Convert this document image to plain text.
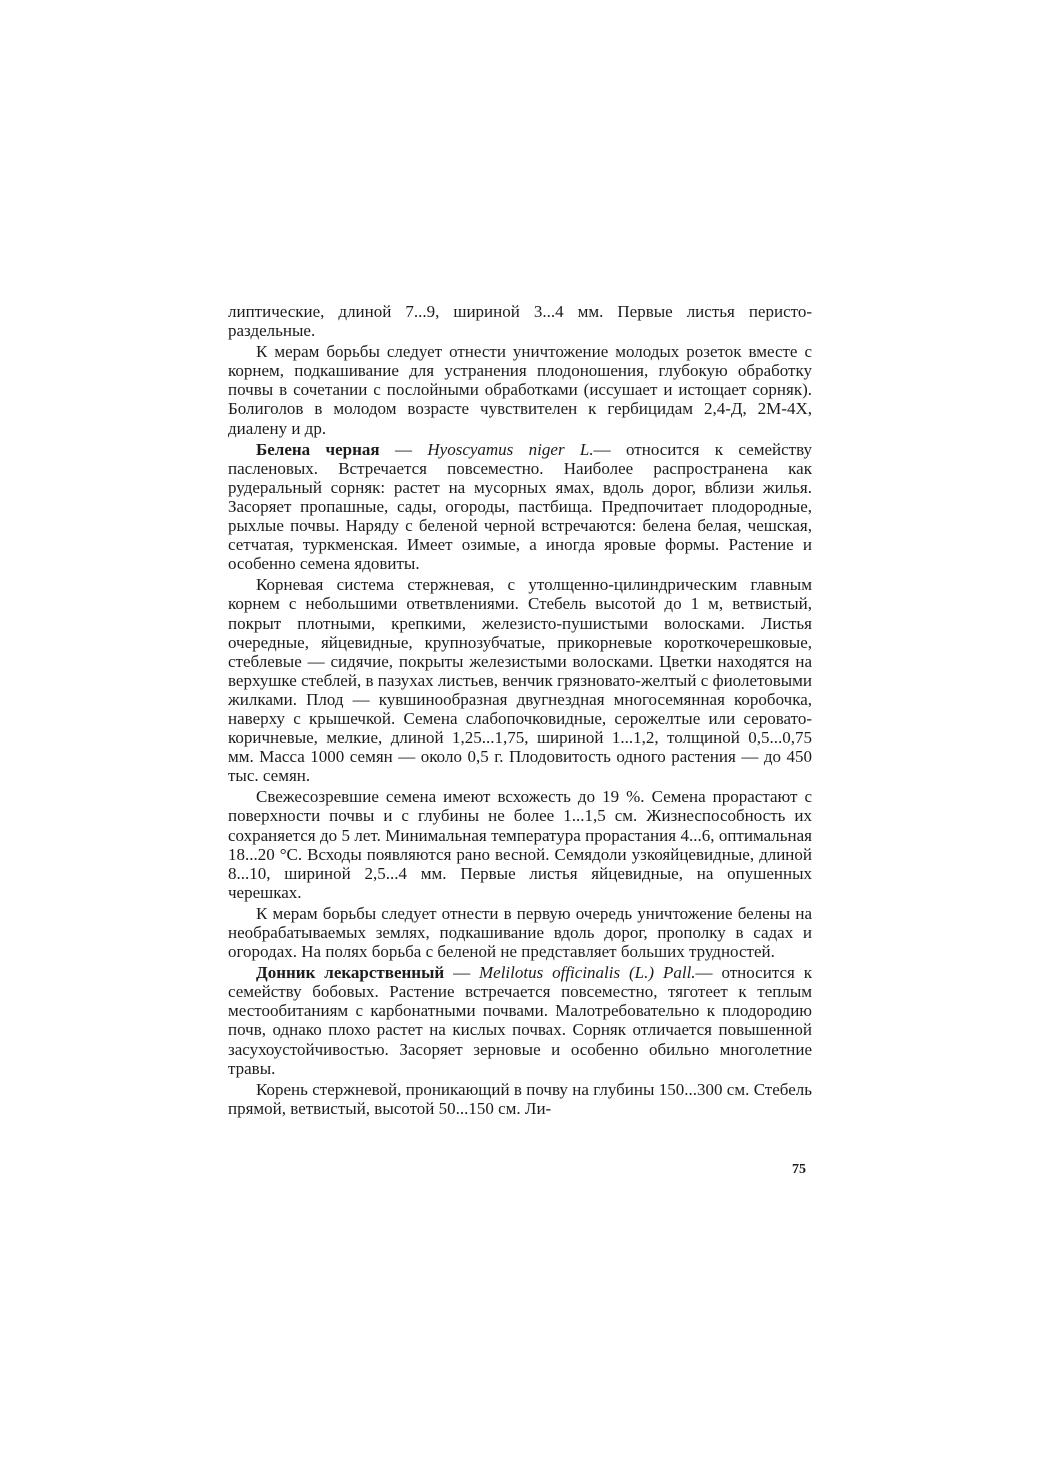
липтические, длиной 7...9, шириной 3...4 мм. Первые листья перисто-раздельные.

К мерам борьбы следует отнести уничтожение молодых розеток вместе с корнем, подкашивание для устранения плодоношения, глубокую обработку почвы в сочетании с послойными обработками (иссушает и истощает сорняк). Болиголов в молодом возрасте чувствителен к гербицидам 2,4-Д, 2М-4Х, диалену и др.

Белена черная — Hyoscyamus niger L.— относится к семейству пасленовых. Встречается повсеместно. Наиболее распространена как рудеральный сорняк: растет на мусорных ямах, вдоль дорог, вблизи жилья. Засоряет пропашные, сады, огороды, пастбища. Предпочитает плодородные, рыхлые почвы. Наряду с беленой черной встречаются: белена белая, чешская, сетчатая, туркменская. Имеет озимые, а иногда яровые формы. Растение и особенно семена ядовиты.

Корневая система стержневая, с утолщенно-цилиндрическим главным корнем с небольшими ответвлениями. Стебель высотой до 1 м, ветвистый, покрыт плотными, крепкими, железисто-пушистыми волосками. Листья очередные, яйцевидные, крупнозубчатые, прикорневые короткочерешковые, стеблевые — сидячие, покрыты железистыми волосками. Цветки находятся на верхушке стеблей, в пазухах листьев, венчик грязновато-желтый с фиолетовыми жилками. Плод — кувшинообразная двугнездная многосемянная коробочка, наверху с крышечкой. Семена слабопочковидные, серожелтые или серовато-коричневые, мелкие, длиной 1,25...1,75, шириной 1...1,2, толщиной 0,5...0,75 мм. Масса 1000 семян — около 0,5 г. Плодовитость одного растения — до 450 тыс. семян.

Свежесозревшие семена имеют всхожесть до 19 %. Семена прорастают с поверхности почвы и с глубины не более 1...1,5 см. Жизнеспособность их сохраняется до 5 лет. Минимальная температура прорастания 4...6, оптимальная 18...20 °С. Всходы появляются рано весной. Семядоли узкояйцевидные, длиной 8...10, шириной 2,5...4 мм. Первые листья яйцевидные, на опушенных черешках.

К мерам борьбы следует отнести в первую очередь уничтожение белены на необрабатываемых землях, подкашивание вдоль дорог, прополку в садах и огородах. На полях борьба с беленой не представляет больших трудностей.

Донник лекарственный — Melilotus officinalis (L.) Pall.— относится к семейству бобовых. Растение встречается повсеместно, тяготеет к теплым местообитаниям с карбонатными почвами. Малотребовательно к плодородию почв, однако плохо растет на кислых почвах. Сорняк отличается повышенной засухоустойчивостью. Засоряет зерновые и особенно обильно многолетние травы.

Корень стержневой, проникающий в почву на глубины 150...300 см. Стебель прямой, ветвистый, высотой 50...150 см. Ли-

75
